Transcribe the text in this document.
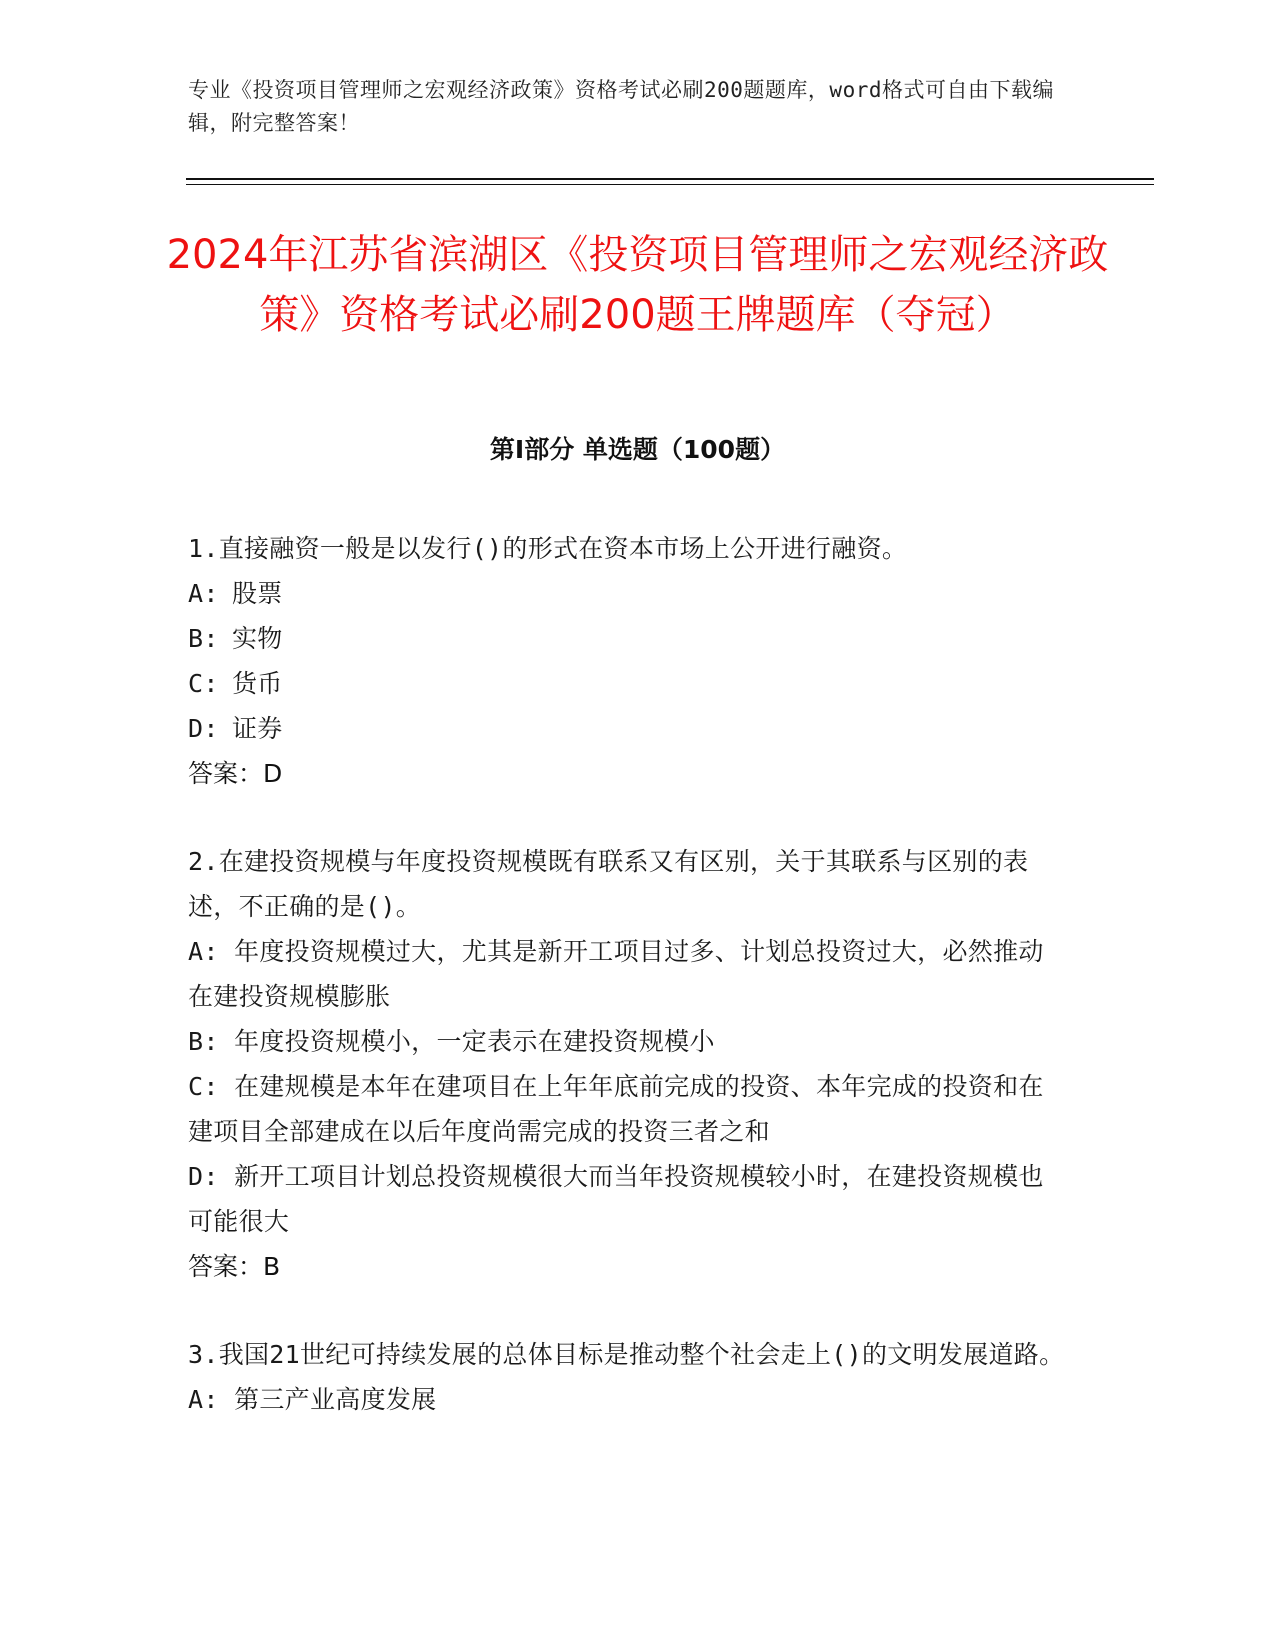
专业《投资项目管理师之宏观经济政策》资格考试必刷200题题库，word格式可自由下载编辑，附完整答案！
2024年江苏省滨湖区《投资项目管理师之宏观经济政策》资格考试必刷200题王牌题库（夺冠）
第Ⅰ部分 单选题（100题）
1.直接融资一般是以发行()的形式在资本市场上公开进行融资。
A: 股票
B: 实物
C: 货币
D: 证券
答案：D
2.在建投资规模与年度投资规模既有联系又有区别，关于其联系与区别的表述，不正确的是()。
A: 年度投资规模过大，尤其是新开工项目过多、计划总投资过大，必然推动在建投资规模膨胀
B: 年度投资规模小，一定表示在建投资规模小
C: 在建规模是本年在建项目在上年年底前完成的投资、本年完成的投资和在建项目全部建成在以后年度尚需完成的投资三者之和
D: 新开工项目计划总投资规模很大而当年投资规模较小时，在建投资规模也可能很大
答案：B
3.我国21世纪可持续发展的总体目标是推动整个社会走上()的文明发展道路。
A: 第三产业高度发展
